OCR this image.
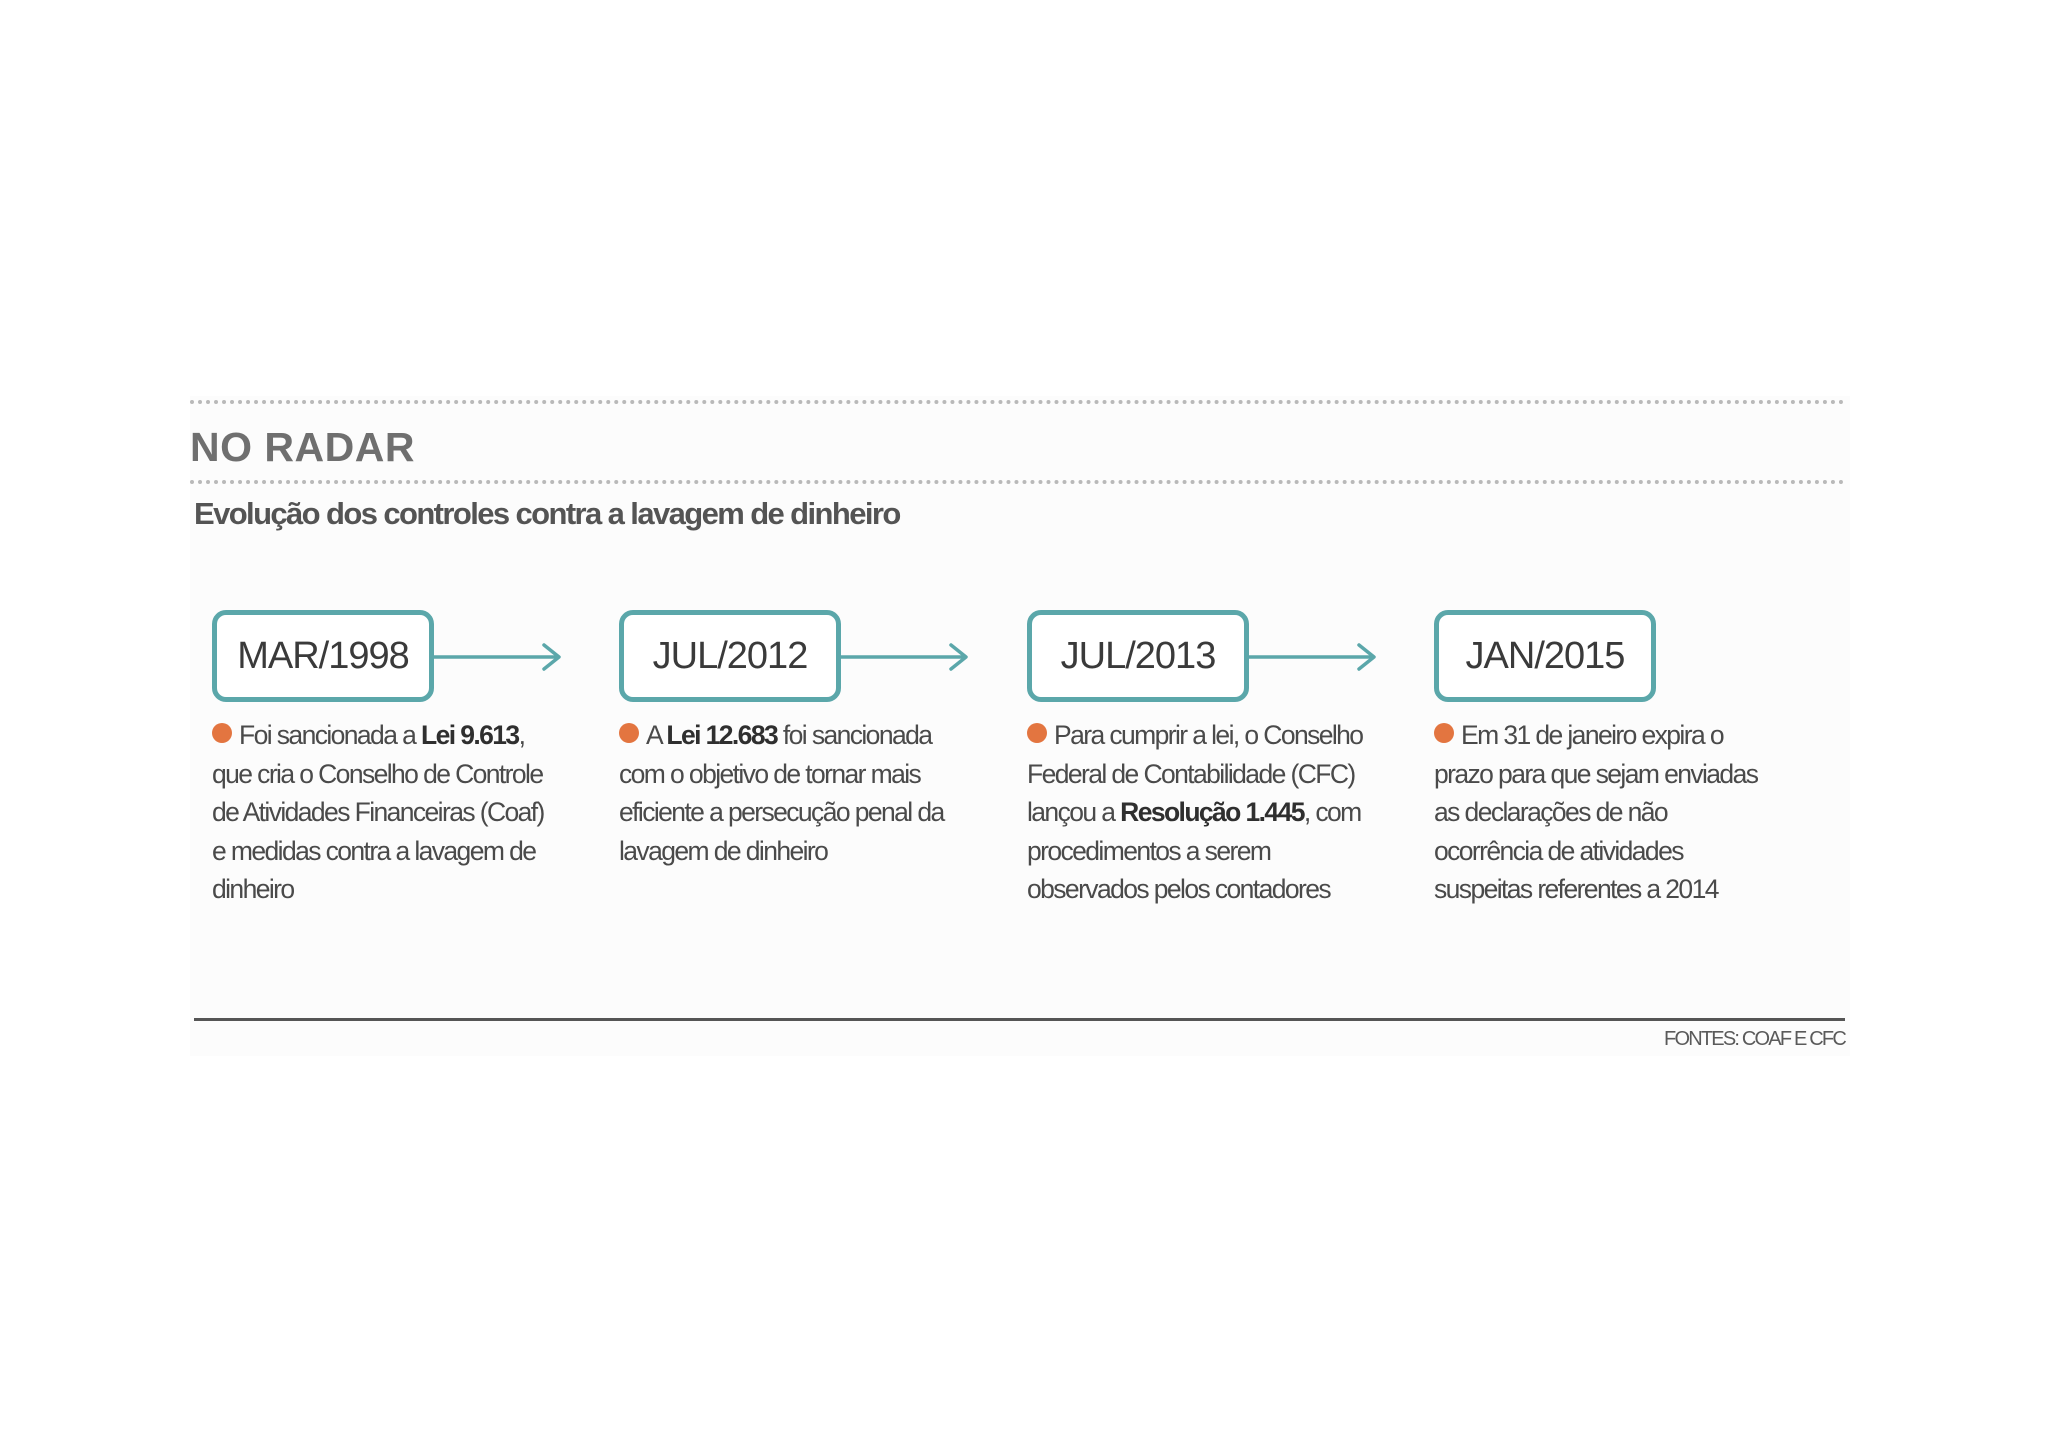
NO RADAR
Evolução dos controles contra a lavagem de dinheiro
MAR/1998

Foi sancionada a Lei 9.613, que cria o Conselho de Controle de Atividades Financeiras (Coaf) e medidas contra a lavagem de dinheiro

JUL/2012

A Lei 12.683 foi sancionada com o objetivo de tornar mais eficiente a persecução penal da lavagem de dinheiro

JUL/2013

Para cumprir a lei, o Conselho Federal de Contabilidade (CFC) lançou a Resolução 1.445, com procedimentos a serem observados pelos contadores

JAN/2015

Em 31 de janeiro expira o prazo para que sejam enviadas as declarações de não ocorrência de atividades suspeitas referentes a 2014

FONTES: COAF E CFC
